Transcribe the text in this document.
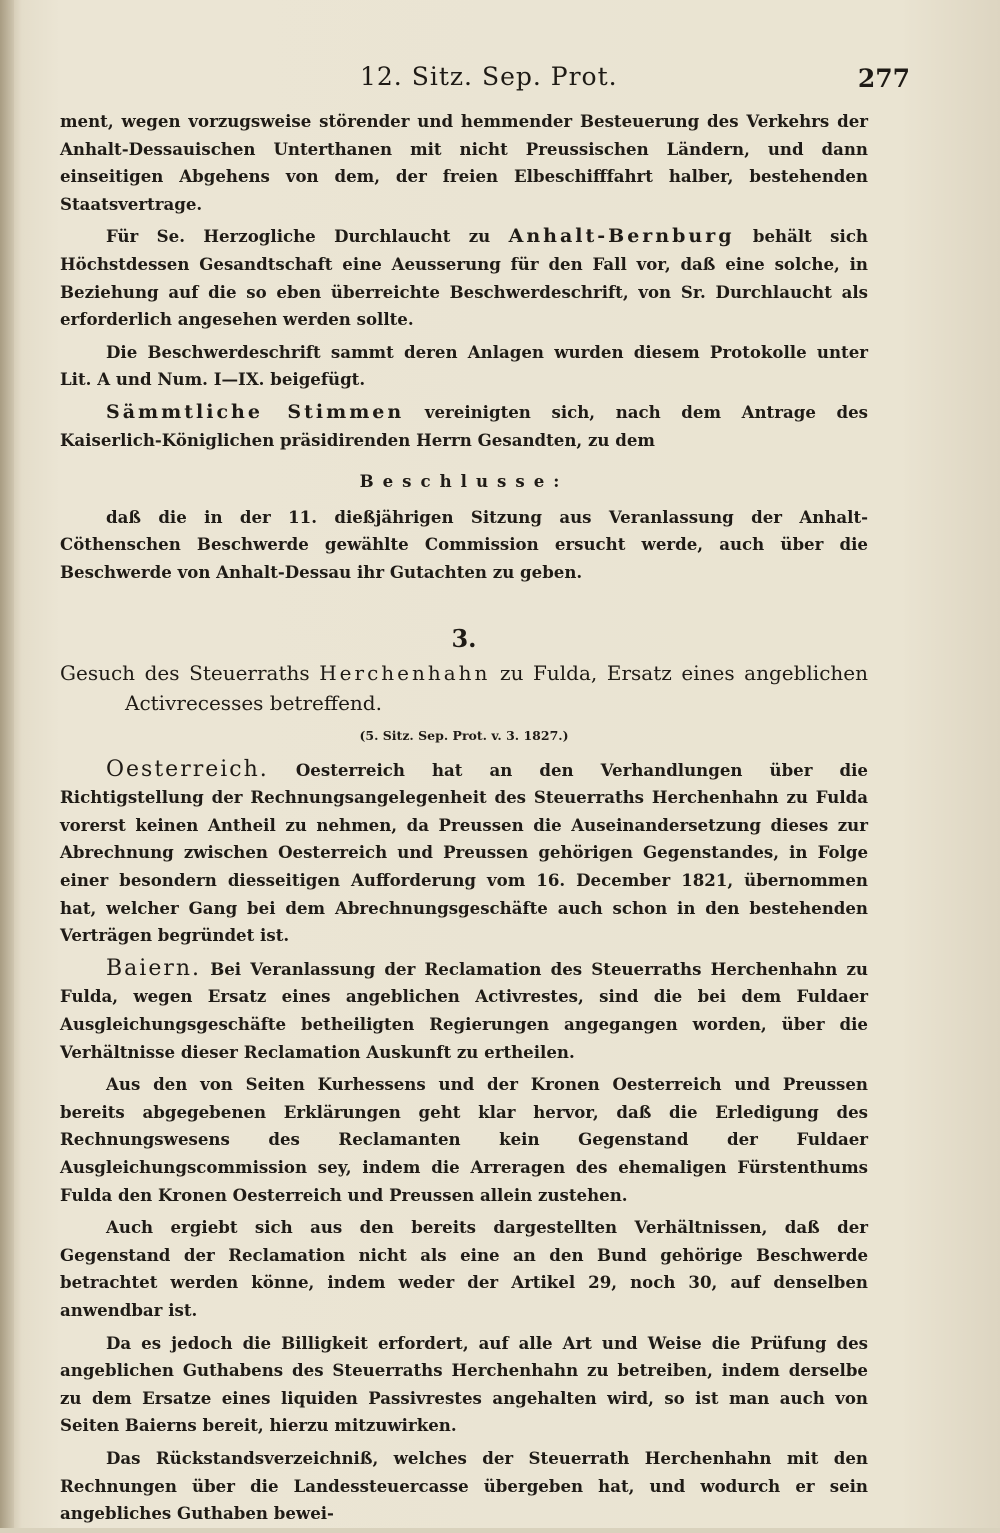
12. Sitz. Sep. Prot.	277

ment, wegen vorzugsweise störender und hemmender Besteuerung des Verkehrs der Anhalt-Dessauischen Unterthanen mit nicht Preussischen Ländern, und dann einseitigen Abgehens von dem, der freien Elbeschifffahrt halber, bestehenden Staatsvertrage.

Für Se. Herzogliche Durchlaucht zu Anhalt-Bernburg behält sich Höchstdessen Gesandtschaft eine Aeusserung für den Fall vor, daß eine solche, in Beziehung auf die so eben überreichte Beschwerdeschrift, von Sr. Durchlaucht als erforderlich angesehen werden sollte.

Die Beschwerdeschrift sammt deren Anlagen wurden diesem Protokolle unter Lit. A und Num. I—IX. beigefügt.

Sämmtliche Stimmen vereinigten sich, nach dem Antrage des Kaiserlich-Königlichen präsidirenden Herrn Gesandten, zu dem

Beschlusse:

daß die in der 11. dießjährigen Sitzung aus Veranlassung der Anhalt-Cöthenschen Beschwerde gewählte Commission ersucht werde, auch über die Beschwerde von Anhalt-Dessau ihr Gutachten zu geben.

3.

Gesuch des Steuerraths Herchenhahn zu Fulda, Ersatz eines angeblichen Activrecesses betreffend.

(5. Sitz. Sep. Prot. v. 3. 1827.)

Oesterreich. Oesterreich hat an den Verhandlungen über die Richtigstellung der Rechnungsangelegenheit des Steuerraths Herchenhahn zu Fulda vorerst keinen Antheil zu nehmen, da Preussen die Auseinandersetzung dieses zur Abrechnung zwischen Oesterreich und Preussen gehörigen Gegenstandes, in Folge einer besondern diesseitigen Aufforderung vom 16. December 1821, übernommen hat, welcher Gang bei dem Abrechnungsgeschäfte auch schon in den bestehenden Verträgen begründet ist.

Baiern. Bei Veranlassung der Reclamation des Steuerraths Herchenhahn zu Fulda, wegen Ersatz eines angeblichen Activrestes, sind die bei dem Fuldaer Ausgleichungsgeschäfte betheiligten Regierungen angegangen worden, über die Verhältnisse dieser Reclamation Auskunft zu ertheilen.

Aus den von Seiten Kurhessens und der Kronen Oesterreich und Preussen bereits abgegebenen Erklärungen geht klar hervor, daß die Erledigung des Rechnungswesens des Reclamanten kein Gegenstand der Fuldaer Ausgleichungscommission sey, indem die Arreragen des ehemaligen Fürstenthums Fulda den Kronen Oesterreich und Preussen allein zustehen.

Auch ergiebt sich aus den bereits dargestellten Verhältnissen, daß der Gegenstand der Reclamation nicht als eine an den Bund gehörige Beschwerde betrachtet werden könne, indem weder der Artikel 29, noch 30, auf denselben anwendbar ist.

Da es jedoch die Billigkeit erfordert, auf alle Art und Weise die Prüfung des angeblichen Guthabens des Steuerraths Herchenhahn zu betreiben, indem derselbe zu dem Ersatze eines liquiden Passivrestes angehalten wird, so ist man auch von Seiten Baierns bereit, hierzu mitzuwirken.

Das Rückstandsverzeichniß, welches der Steuerrath Herchenhahn mit den Rechnungen über die Landessteuercasse übergeben hat, und wodurch er sein angebliches Guthaben bewei-
